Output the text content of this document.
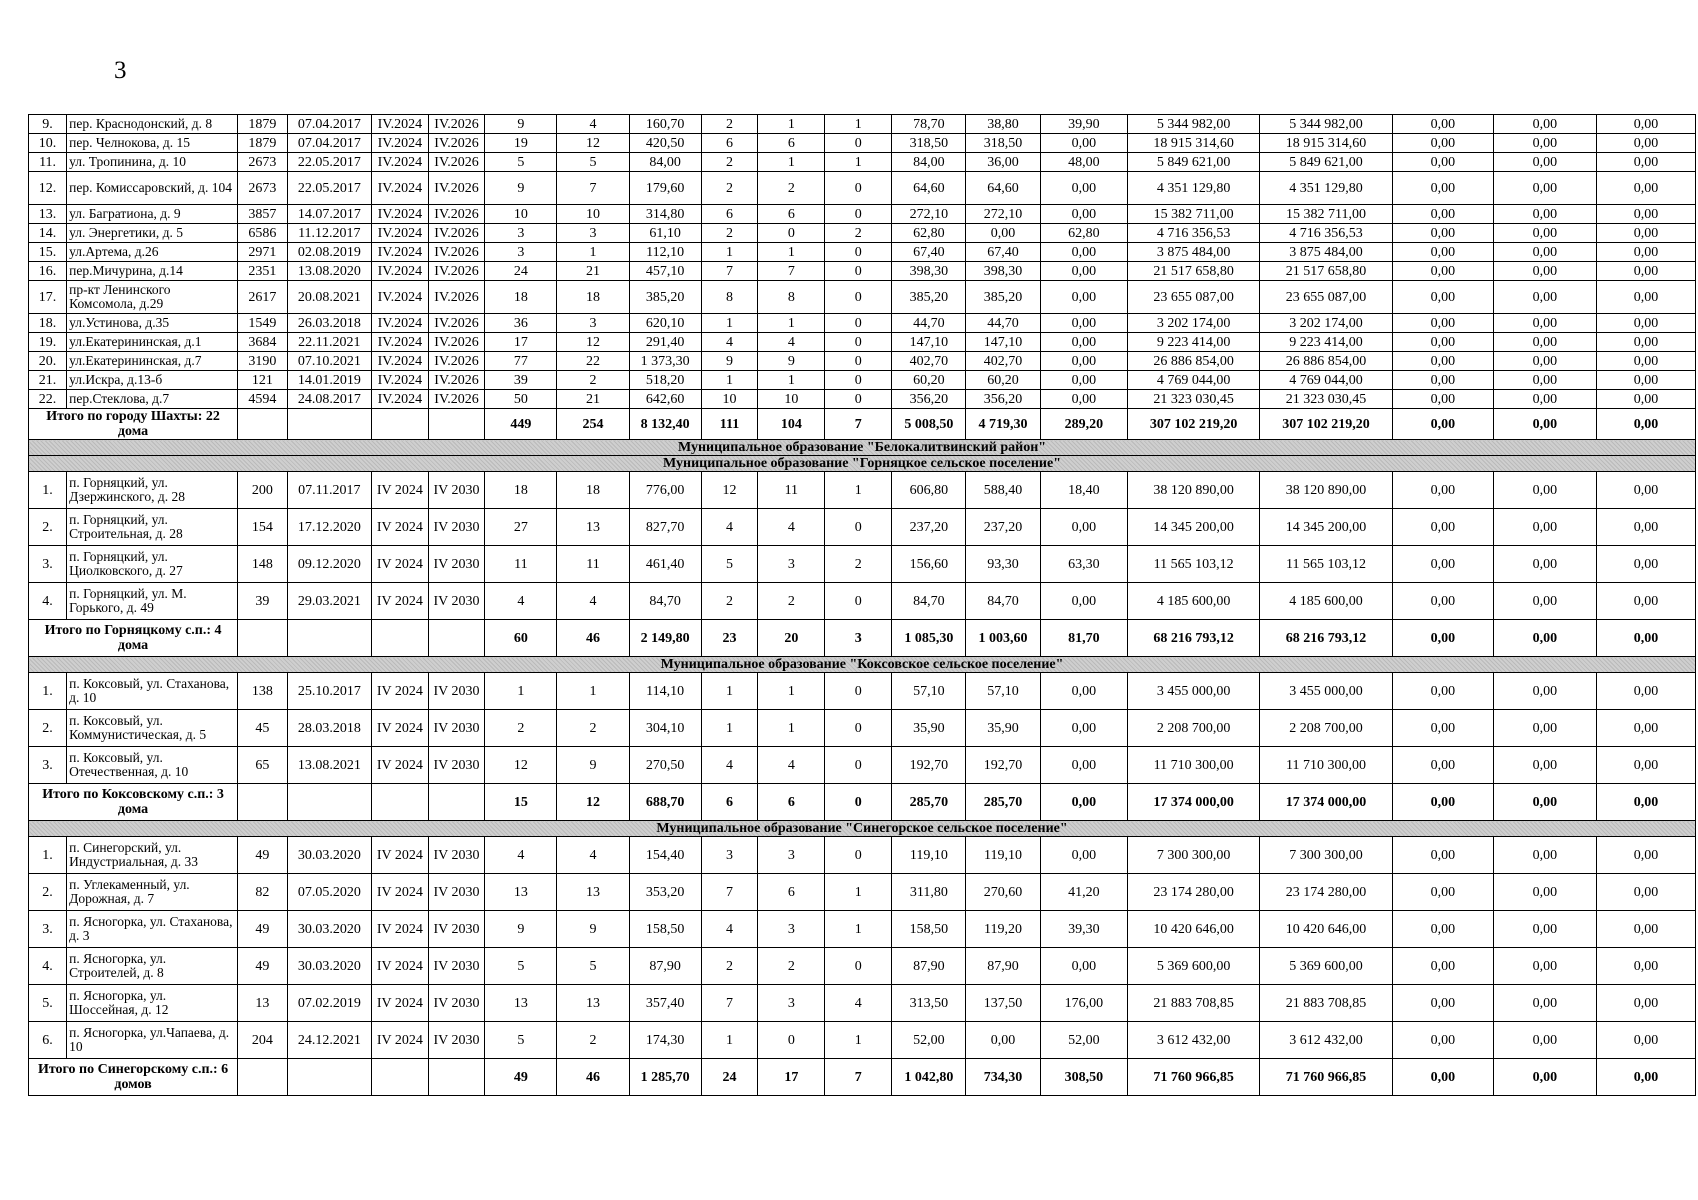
3
9.	пер. Краснодонский, д. 8	1879	07.04.2017	IV.2024	IV.2026	9	4	160,70	2	1	1	78,70	38,80	39,90	5 344 982,00	5 344 982,00	0,00	0,00	0,00
10.	пер. Челнокова, д. 15	1879	07.04.2017	IV.2024	IV.2026	19	12	420,50	6	6	0	318,50	318,50	0,00	18 915 314,60	18 915 314,60	0,00	0,00	0,00
11.	ул. Тропинина, д. 10	2673	22.05.2017	IV.2024	IV.2026	5	5	84,00	2	1	1	84,00	36,00	48,00	5 849 621,00	5 849 621,00	0,00	0,00	0,00
12.	пер. Комиссаровский, д. 104	2673	22.05.2017	IV.2024	IV.2026	9	7	179,60	2	2	0	64,60	64,60	0,00	4 351 129,80	4 351 129,80	0,00	0,00	0,00
13.	ул. Багратиона, д. 9	3857	14.07.2017	IV.2024	IV.2026	10	10	314,80	6	6	0	272,10	272,10	0,00	15 382 711,00	15 382 711,00	0,00	0,00	0,00
14.	ул. Энергетики, д. 5	6586	11.12.2017	IV.2024	IV.2026	3	3	61,10	2	0	2	62,80	0,00	62,80	4 716 356,53	4 716 356,53	0,00	0,00	0,00
15.	ул.Артема, д.26	2971	02.08.2019	IV.2024	IV.2026	3	1	112,10	1	1	0	67,40	67,40	0,00	3 875 484,00	3 875 484,00	0,00	0,00	0,00
16.	пер.Мичурина, д.14	2351	13.08.2020	IV.2024	IV.2026	24	21	457,10	7	7	0	398,30	398,30	0,00	21 517 658,80	21 517 658,80	0,00	0,00	0,00
17.	пр-кт Ленинского Комсомола, д.29	2617	20.08.2021	IV.2024	IV.2026	18	18	385,20	8	8	0	385,20	385,20	0,00	23 655 087,00	23 655 087,00	0,00	0,00	0,00
18.	ул.Устинова, д.35	1549	26.03.2018	IV.2024	IV.2026	36	3	620,10	1	1	0	44,70	44,70	0,00	3 202 174,00	3 202 174,00	0,00	0,00	0,00
19.	ул.Екатерининская, д.1	3684	22.11.2021	IV.2024	IV.2026	17	12	291,40	4	4	0	147,10	147,10	0,00	9 223 414,00	9 223 414,00	0,00	0,00	0,00
20.	ул.Екатерининская, д.7	3190	07.10.2021	IV.2024	IV.2026	77	22	1 373,30	9	9	0	402,70	402,70	0,00	26 886 854,00	26 886 854,00	0,00	0,00	0,00
21.	ул.Искра, д.13-б	121	14.01.2019	IV.2024	IV.2026	39	2	518,20	1	1	0	60,20	60,20	0,00	4 769 044,00	4 769 044,00	0,00	0,00	0,00
22.	пер.Стеклова, д.7	4594	24.08.2017	IV.2024	IV.2026	50	21	642,60	10	10	0	356,20	356,20	0,00	21 323 030,45	21 323 030,45	0,00	0,00	0,00
Итого по городу Шахты: 22 дома						449	254	8 132,40	111	104	7	5 008,50	4 719,30	289,20	307 102 219,20	307 102 219,20	0,00	0,00	0,00
Муниципальное образование "Белокалитвинский район"																			
Муниципальное образование "Горняцкое сельское поселение"																			
1.	п. Горняцкий, ул. Дзержинского, д. 28	200	07.11.2017	IV 2024	IV 2030	18	18	776,00	12	11	1	606,80	588,40	18,40	38 120 890,00	38 120 890,00	0,00	0,00	0,00
2.	п. Горняцкий, ул. Строительная, д. 28	154	17.12.2020	IV 2024	IV 2030	27	13	827,70	4	4	0	237,20	237,20	0,00	14 345 200,00	14 345 200,00	0,00	0,00	0,00
3.	п. Горняцкий, ул. Циолковского, д. 27	148	09.12.2020	IV 2024	IV 2030	11	11	461,40	5	3	2	156,60	93,30	63,30	11 565 103,12	11 565 103,12	0,00	0,00	0,00
4.	п. Горняцкий, ул. М. Горького, д. 49	39	29.03.2021	IV 2024	IV 2030	4	4	84,70	2	2	0	84,70	84,70	0,00	4 185 600,00	4 185 600,00	0,00	0,00	0,00
Итого по Горняцкому с.п.: 4 дома						60	46	2 149,80	23	20	3	1 085,30	1 003,60	81,70	68 216 793,12	68 216 793,12	0,00	0,00	0,00
Муниципальное образование "Коксовское сельское поселение"																			
1.	п. Коксовый, ул. Стаханова, д. 10	138	25.10.2017	IV 2024	IV 2030	1	1	114,10	1	1	0	57,10	57,10	0,00	3 455 000,00	3 455 000,00	0,00	0,00	0,00
2.	п. Коксовый, ул. Коммунистическая, д. 5	45	28.03.2018	IV 2024	IV 2030	2	2	304,10	1	1	0	35,90	35,90	0,00	2 208 700,00	2 208 700,00	0,00	0,00	0,00
3.	п. Коксовый, ул. Отечественная, д. 10	65	13.08.2021	IV 2024	IV 2030	12	9	270,50	4	4	0	192,70	192,70	0,00	11 710 300,00	11 710 300,00	0,00	0,00	0,00
Итого по Коксовскому с.п.: 3 дома						15	12	688,70	6	6	0	285,70	285,70	0,00	17 374 000,00	17 374 000,00	0,00	0,00	0,00
Муниципальное образование "Синегорское сельское поселение"																			
1.	п. Синегорский, ул. Индустриальная, д. 33	49	30.03.2020	IV 2024	IV 2030	4	4	154,40	3	3	0	119,10	119,10	0,00	7 300 300,00	7 300 300,00	0,00	0,00	0,00
2.	п. Углекаменный, ул. Дорожная, д. 7	82	07.05.2020	IV 2024	IV 2030	13	13	353,20	7	6	1	311,80	270,60	41,20	23 174 280,00	23 174 280,00	0,00	0,00	0,00
3.	п. Ясногорка, ул. Стаханова, д. 3	49	30.03.2020	IV 2024	IV 2030	9	9	158,50	4	3	1	158,50	119,20	39,30	10 420 646,00	10 420 646,00	0,00	0,00	0,00
4.	п. Ясногорка, ул. Строителей, д. 8	49	30.03.2020	IV 2024	IV 2030	5	5	87,90	2	2	0	87,90	87,90	0,00	5 369 600,00	5 369 600,00	0,00	0,00	0,00
5.	п. Ясногорка, ул. Шоссейная, д. 12	13	07.02.2019	IV 2024	IV 2030	13	13	357,40	7	3	4	313,50	137,50	176,00	21 883 708,85	21 883 708,85	0,00	0,00	0,00
6.	п. Ясногорка, ул.Чапаева, д. 10	204	24.12.2021	IV 2024	IV 2030	5	2	174,30	1	0	1	52,00	0,00	52,00	3 612 432,00	3 612 432,00	0,00	0,00	0,00
Итого по Синегорскому с.п.: 6 домов						49	46	1 285,70	24	17	7	1 042,80	734,30	308,50	71 760 966,85	71 760 966,85	0,00	0,00	0,00
